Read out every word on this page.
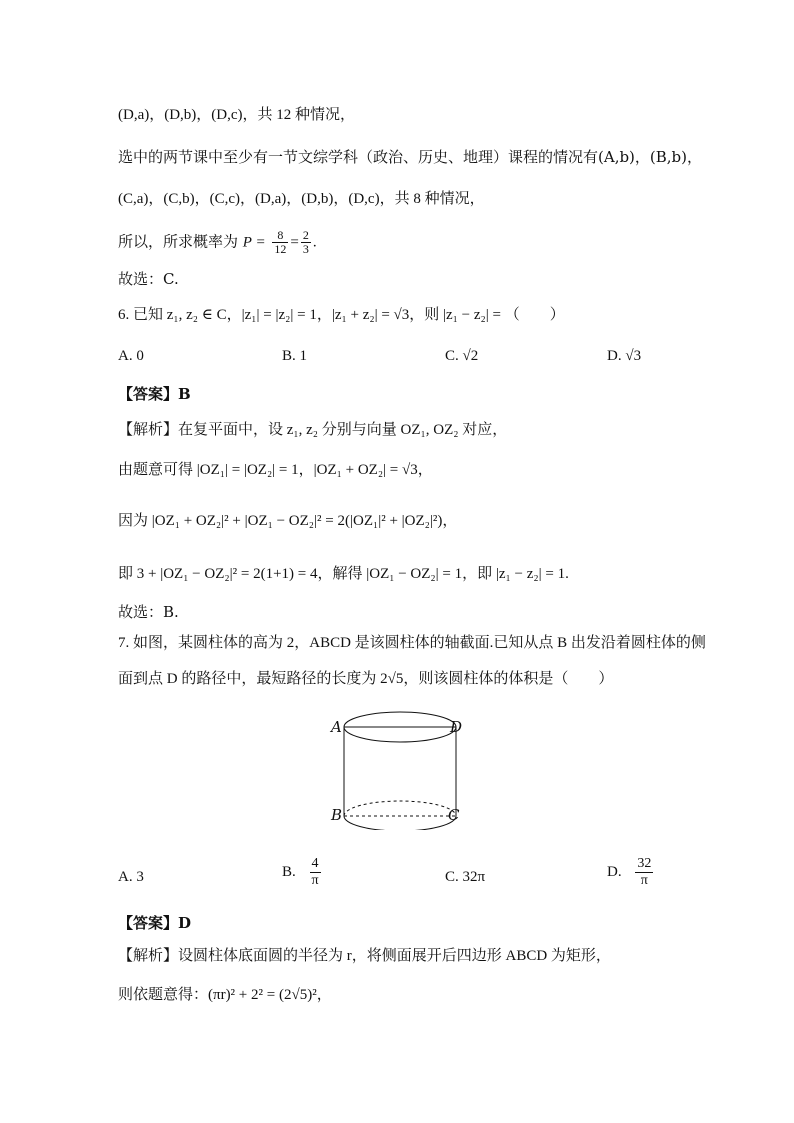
(D,a)，(D,b)，(D,c)，共 12 种情况，
选中的两节课中至少有一节文综学科（政治、历史、地理）课程的情况有(A,b)，(B,b)，
(C,a)，(C,b)，(C,c)，(D,a)，(D,b)，(D,c)，共 8 种情况，
所以，所求概率为 $P = \frac{8}{12} = \frac{2}{3}$ .
故选：C.
6. 已知 z₁, z₂ ∈ C，|z₁| = |z₂| = 1，|z₁ + z₂| = √3，则 |z₁ − z₂| = （　　）
A. 0	B. 1	C. √2	D. √3
【答案】B
【解析】在复平面中，设 z₁, z₂ 分别与向量 OZ₁, OZ₂ 对应，
由题意可得 |OZ₁| = |OZ₂| = 1，|OZ₁ + OZ₂| = √3，
因为 |OZ₁ + OZ₂|² + |OZ₁ − OZ₂|² = 2(|OZ₁|² + |OZ₂|²)，
即 3 + |OZ₁ − OZ₂|² = 2(1+1) = 4，解得 |OZ₁ − OZ₂| = 1，即 |z₁ − z₂| = 1.
故选：B.
7. 如图，某圆柱体的高为 2，ABCD 是该圆柱体的轴截面.已知从点 B 出发沿着圆柱体的侧
面到点 D 的路径中，最短路径的长度为 2√5，则该圆柱体的体积是（　　）
A	D
B	C
A. 3	B. $\frac{4}{\pi}$	C. 32π	D. $\frac{32}{\pi}$
【答案】D
【解析】设圆柱体底面圆的半径为 r，将侧面展开后四边形 ABCD 为矩形，
则依题意得：(πr)² + 2² = (2√5)²，
